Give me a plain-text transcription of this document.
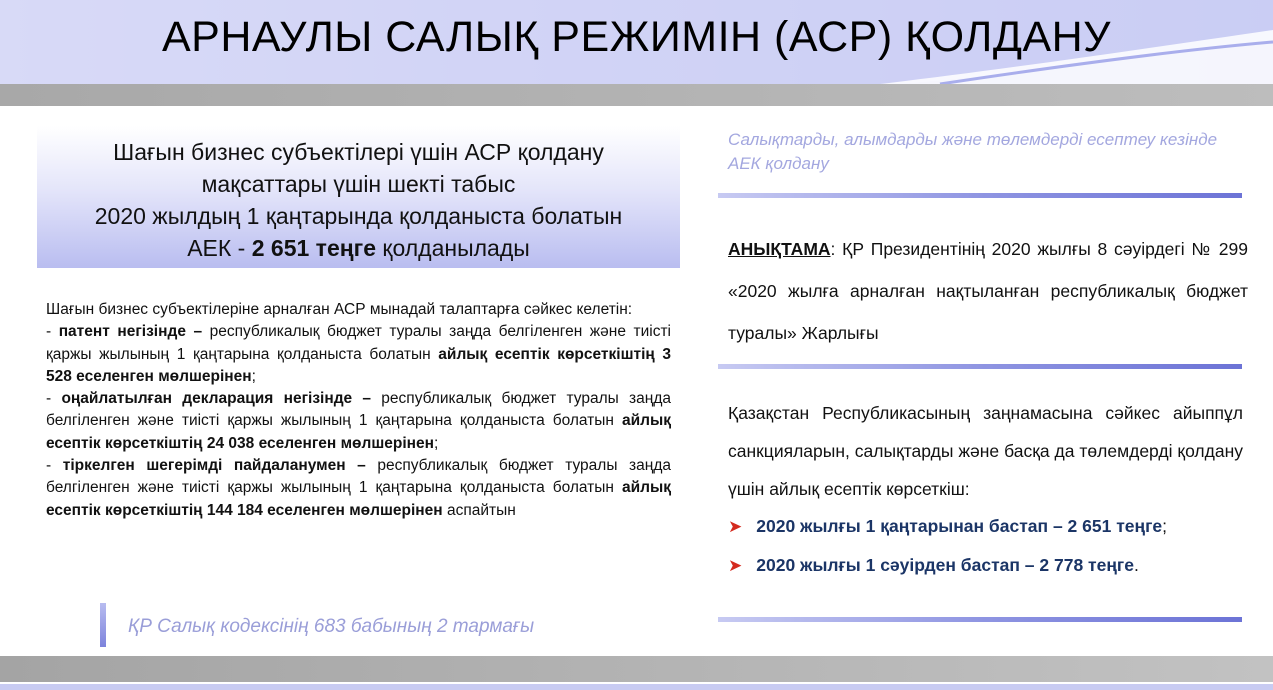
АРНАУЛЫ САЛЫҚ РЕЖИМІН (АСР) ҚОЛДАНУ
Шағын бизнес субъектілері үшін АСР қолдану
мақсаттары үшін шекті табыс
2020 жылдың 1 қаңтарында қолданыста болатын
АЕК - 2 651 теңге қолданылады

Шағын бизнес субъектілеріне арналған АСР мынадай талаптарға сәйкес келетін:

- патент негізінде – республикалық бюджет туралы заңда белгіленген және тиісті қаржы жылының 1 қаңтарына қолданыста болатын айлық есептік көрсеткіштің 3 528 еселенген мөлшерінен;

- оңайлатылған декларация негізінде – республикалық бюджет туралы заңда белгіленген және тиісті қаржы жылының 1 қаңтарына қолданыста болатын айлық есептік көрсеткіштің 24 038 еселенген мөлшерінен;

- тіркелген шегерімді пайдаланумен – республикалық бюджет туралы заңда белгіленген және тиісті қаржы жылының 1 қаңтарына қолданыста болатын айлық есептік көрсеткіштің 144 184 еселенген мөлшерінен аспайтын

ҚР Салық кодексінің 683 бабының 2 тармағы
Салықтарды, алымдарды және төлемдерді есептеу кезінде АЕК қолдану
АНЫҚТАМА: ҚР Президентінің 2020 жылғы 8 сәуірдегі № 299 «2020 жылға арналған нақтыланған республикалық бюджет туралы» Жарлығы

Қазақстан Республикасының заңнамасына сәйкес айыппұл санкцияларын, салықтарды және басқа да төлемдерді қолдану үшін айлық есептік көрсеткіш:

➤ 2020 жылғы 1 қаңтарынан бастап – 2 651 теңге;
➤ 2020 жылғы 1 сәуірден бастап – 2 778 теңге.
